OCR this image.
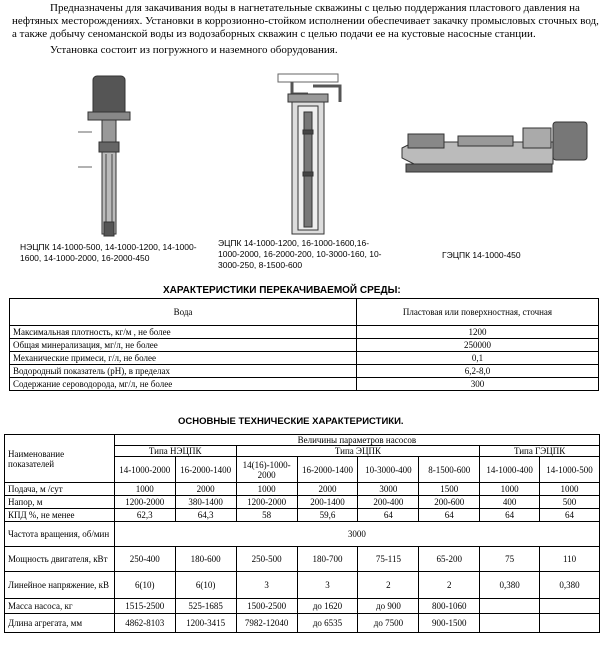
Предназначены для закачивания воды в нагнетательные скважины с целью поддержания пластового давления на нефтяных месторождениях. Установки в коррозионно-стойком исполнении обеспечивает закачку промысловых сточных вод, а также добычу сеноманской воды из водозаборных скважин с целью подачи ее на кустовые насосные станции.

Установка состоит из погружного и наземного оборудования.

НЭЦПК 14-1000-500, 14-1000-1200, 14-1000-1600, 14-1000-2000, 16-2000-450
ЭЦПК 14-1000-1200, 16-1000-1600,16-1000-2000, 16-2000-200, 10-3000-160, 10-3000-250, 8-1500-600
ГЭЦПК 14-1000-450
ХАРАКТЕРИСТИКИ ПЕРЕКАЧИВАЕМОЙ СРЕДЫ:
Вода	Пластовая или поверхностная, сточная
Максимальная плотность, кг/м , не более	1200
Общая минерализация, мг/л, не более	250000
Механические примеси, г/л, не более	0,1
Водородный показатель (pH), в пределах	6,2-8,0
Содержание сероводорода, мг/л, не более	300
ОСНОВНЫЕ ТЕХНИЧЕСКИЕ ХАРАКТЕРИСТИКИ.
Наименование показателей	Величины параметров насосов							
	Типа НЭЦПК		Типа ЭЦПК				Типа ГЭЦПК	
	14-1000-2000	16-2000-1400	14(16)-1000-2000	16-2000-1400	10-3000-400	8-1500-600	14-1000-400	14-1000-500
Подача, м /сут	1000	2000	1000	2000	3000	1500	1000	1000
Напор, м	1200-2000	380-1400	1200-2000	200-1400	200-400	200-600	400	500
КПД %, не менее	62,3	64,3	58	59,6	64	64	64	64
Частота вращения, об/мин	3000							
Мощность двигателя, кВт	250-400	180-600	250-500	180-700	75-115	65-200	75	110
Линейное напряжение, кВ	6(10)	6(10)	3	3	2	2	0,380	0,380
Масса насоса, кг	1515-2500	525-1685	1500-2500	до 1620	до 900	800-1060		
Длина агрегата, мм	4862-8103	1200-3415	7982-12040	до 6535	до 7500	900-1500		
